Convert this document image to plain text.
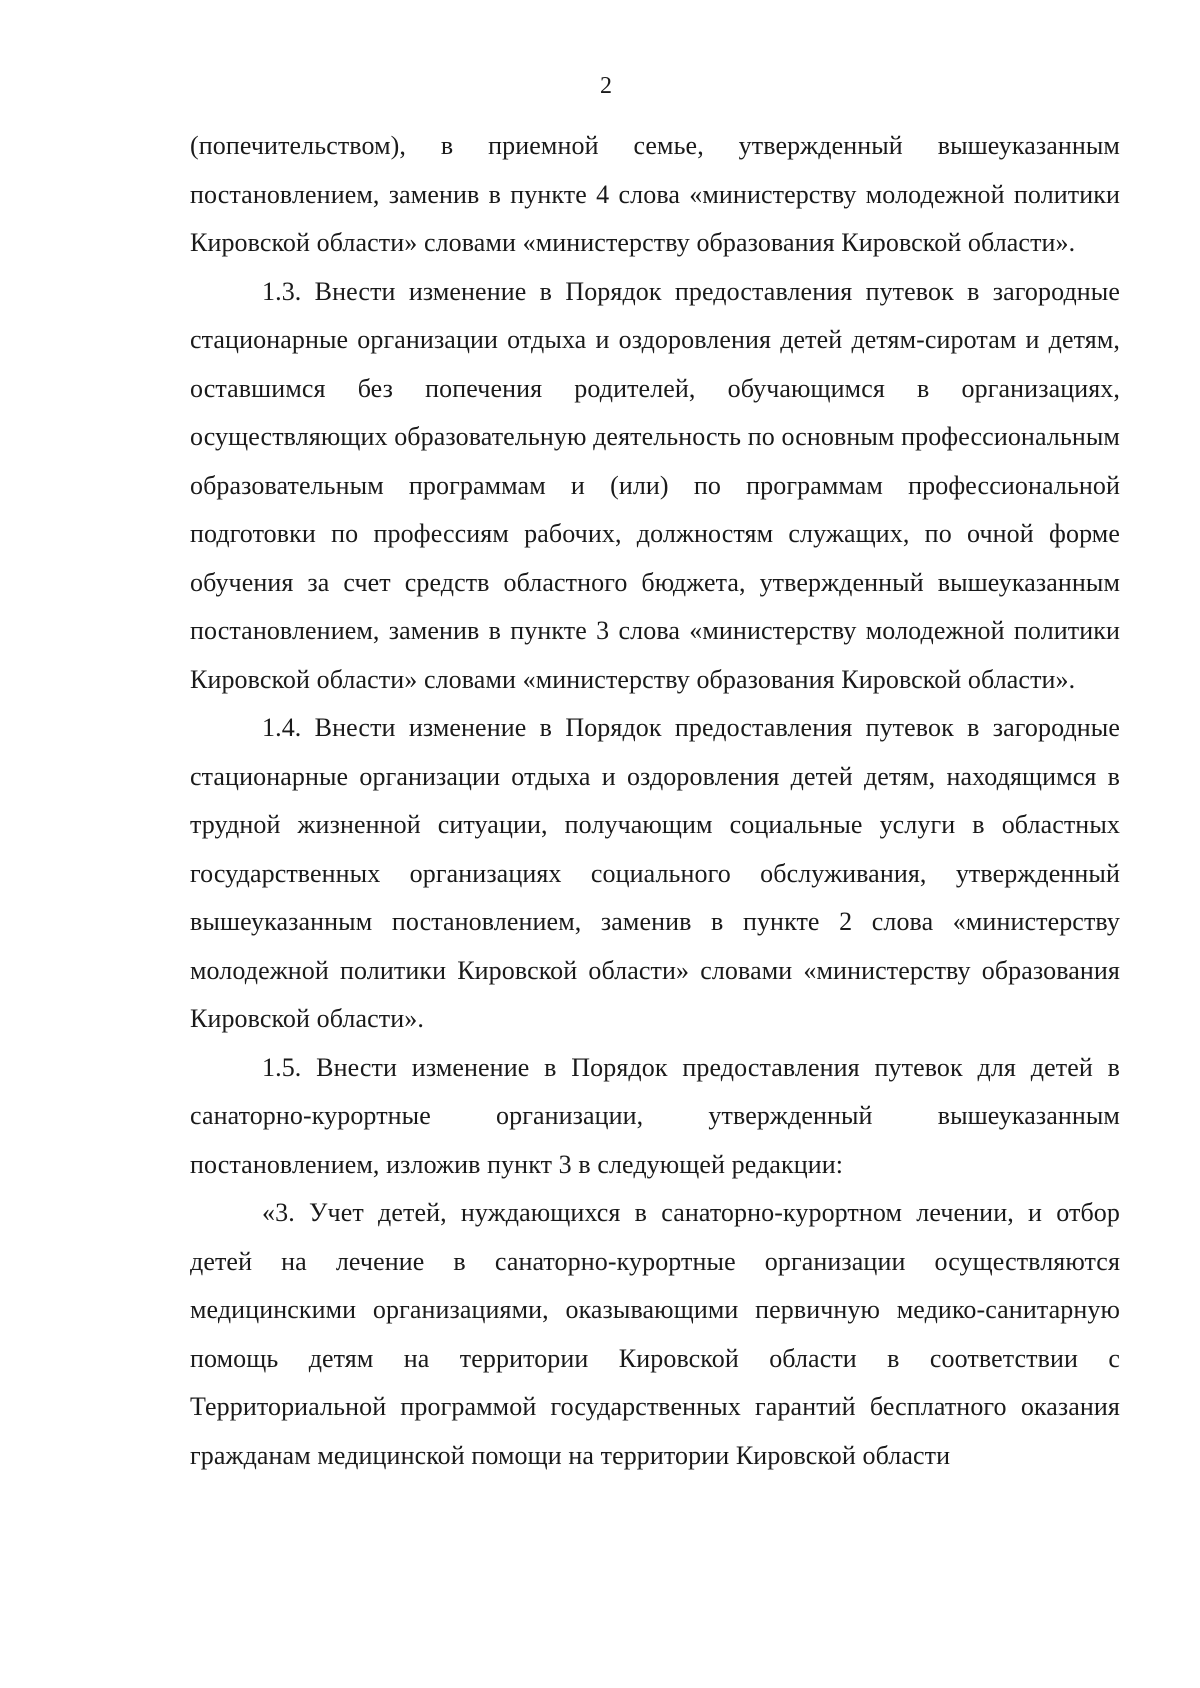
2

(попечительством), в приемной семье, утвержденный вышеуказанным постановлением, заменив в пункте 4 слова «министерству молодежной политики Кировской области» словами «министерству образования Кировской области».

1.3. Внести изменение в Порядок предоставления путевок в загородные стационарные организации отдыха и оздоровления детей детям-сиротам и детям, оставшимся без попечения родителей, обучающимся в организациях, осуществляющих образовательную деятельность по основным профессиональным образовательным программам и (или) по программам профессиональной подготовки по профессиям рабочих, должностям служащих, по очной форме обучения за счет средств областного бюджета, утвержденный вышеуказанным постановлением, заменив в пункте 3 слова «министерству молодежной политики Кировской области» словами «министерству образования Кировской области».

1.4. Внести изменение в Порядок предоставления путевок в загородные стационарные организации отдыха и оздоровления детей детям, находящимся в трудной жизненной ситуации, получающим социальные услуги в областных государственных организациях социального обслуживания, утвержденный вышеуказанным постановлением, заменив в пункте 2 слова «министерству молодежной политики Кировской области» словами «министерству образования Кировской области».

1.5. Внести изменение в Порядок предоставления путевок для детей в санаторно-курортные организации, утвержденный вышеуказанным постановлением, изложив пункт 3 в следующей редакции:

«3. Учет детей, нуждающихся в санаторно-курортном лечении, и отбор детей на лечение в санаторно-курортные организации осуществляются медицинскими организациями, оказывающими первичную медико-санитарную помощь детям на территории Кировской области в соответствии с Территориальной программой государственных гарантий бесплатного оказания гражданам медицинской помощи на территории Кировской области
